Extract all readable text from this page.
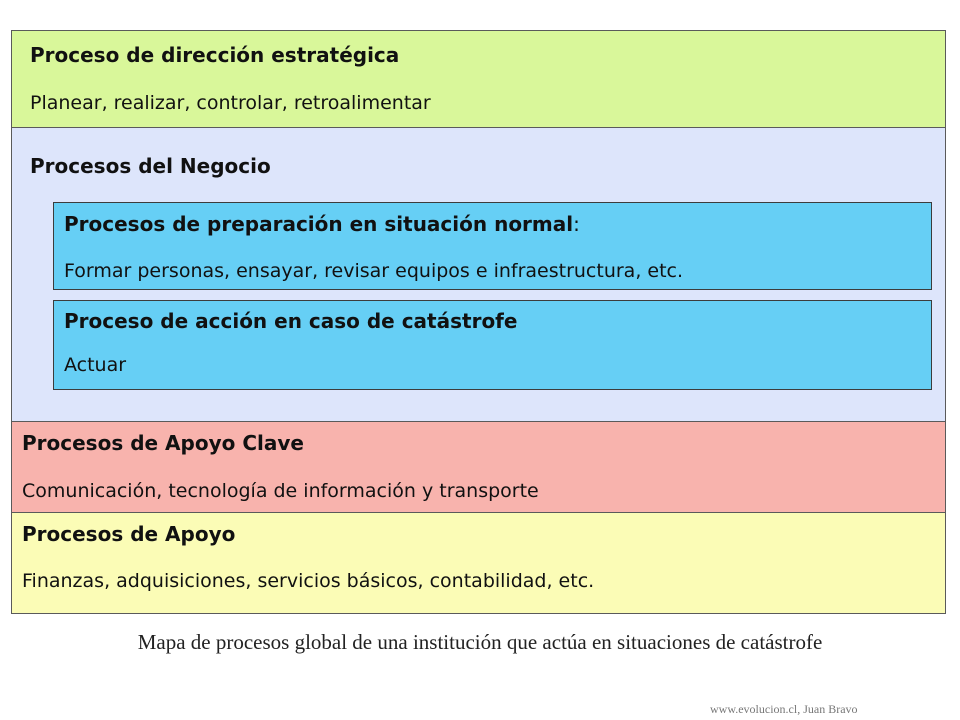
Proceso de dirección estratégica
Planear, realizar, controlar, retroalimentar
Procesos del Negocio
Procesos de preparación en situación normal:
Formar personas, ensayar, revisar equipos e infraestructura, etc.
Proceso de acción en caso de catástrofe
Actuar
Procesos de Apoyo Clave
Comunicación, tecnología de información y transporte
Procesos de Apoyo
Finanzas, adquisiciones, servicios básicos, contabilidad, etc.
Mapa de procesos global de una institución que actúa en situaciones de catástrofe
www.evolucion.cl, Juan Bravo
